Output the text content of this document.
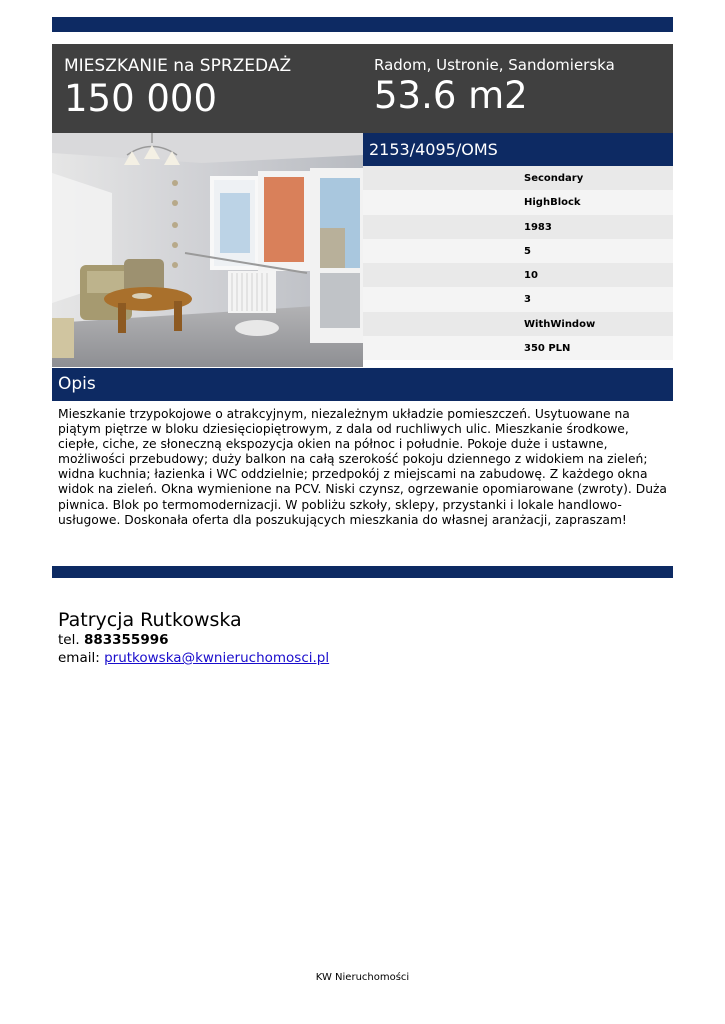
MIESZKANIE na SPRZEDAŻ
150 000
Radom, Ustronie, Sandomierska
53.6 m2
2153/4095/OMS
Secondary
HighBlock
1983
5
10
3
WithWindow
350 PLN
Opis
Mieszkanie trzypokojowe o atrakcyjnym, niezależnym układzie pomieszczeń. Usytuowane na piątym piętrze w bloku dziesięciopiętrowym, z dala od ruchliwych ulic. Mieszkanie środkowe, ciepłe, ciche, ze słoneczną ekspozycja okien na północ i południe. Pokoje duże i ustawne, możliwości przebudowy; duży balkon na całą szerokość pokoju dziennego z widokiem na zieleń; widna kuchnia; łazienka i WC oddzielnie; przedpokój z miejscami na zabudowę. Z każdego okna widok na zieleń. Okna wymienione na PCV. Niski czynsz, ogrzewanie opomiarowane (zwroty). Duża piwnica. Blok po termomodernizacji. W pobliżu szkoły, sklepy, przystanki i lokale handlowo-usługowe. Doskonała oferta dla poszukujących mieszkania do własnej aranżacji, zapraszam!
Patrycja Rutkowska
tel. 883355996
email: prutkowska@kwnieruchomosci.pl
KW Nieruchomości
